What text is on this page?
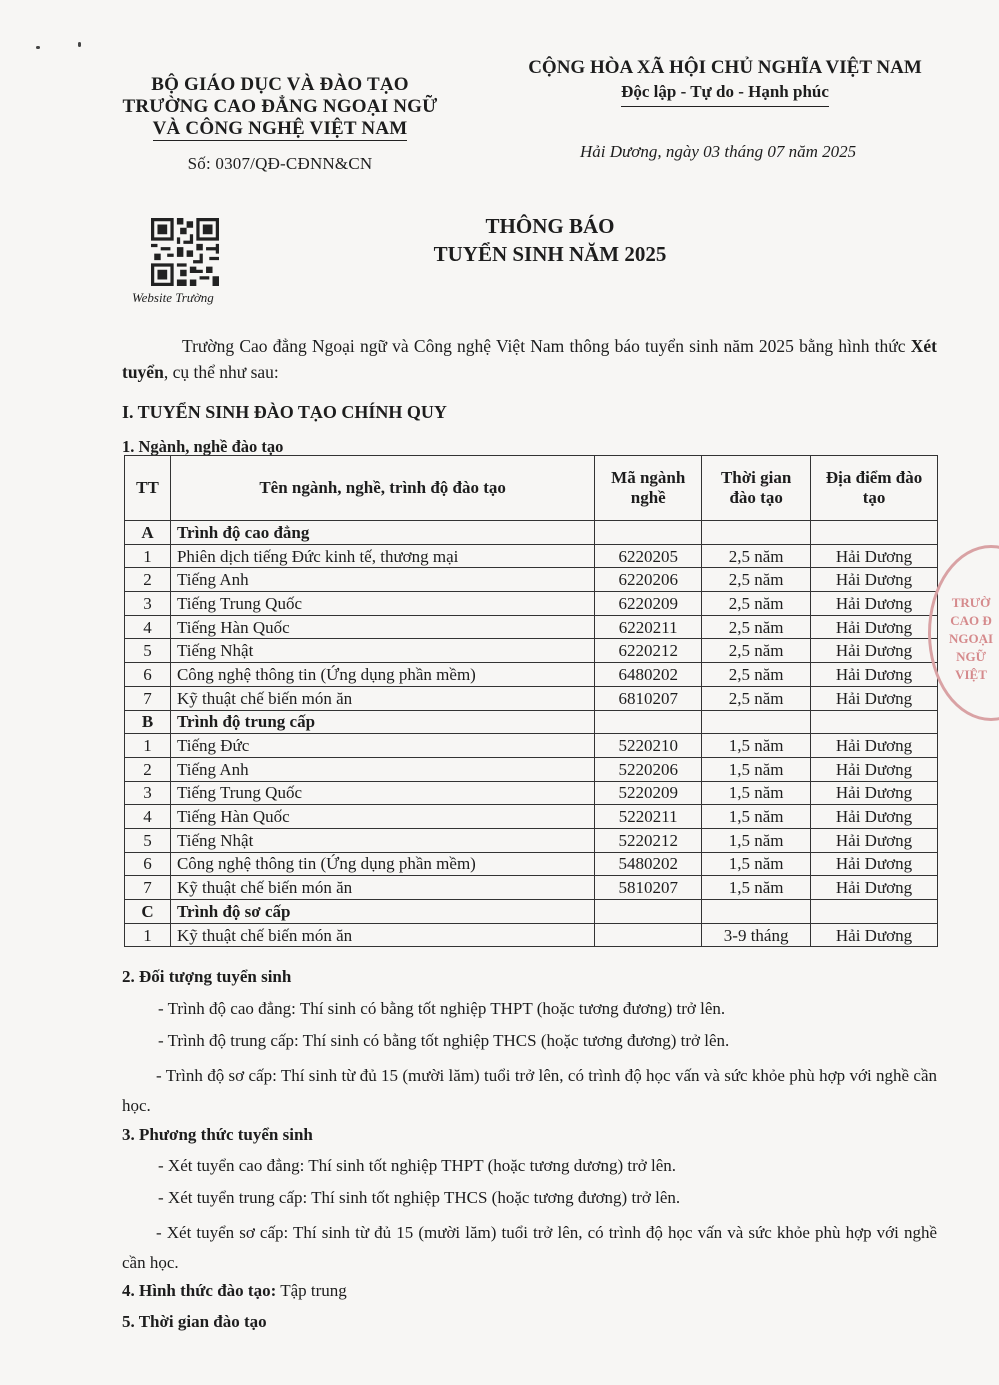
BỘ GIÁO DỤC VÀ ĐÀO TẠO
TRƯỜNG CAO ĐẲNG NGOẠI NGỮ
VÀ CÔNG NGHỆ VIỆT NAM
Số: 0307/QĐ-CĐNN&CN
CỘNG HÒA XÃ HỘI CHỦ NGHĨA VIỆT NAM
Độc lập - Tự do - Hạnh phúc
Hải Dương, ngày 03 tháng 07 năm 2025
Website Trường
THÔNG BÁO
TUYỂN SINH NĂM 2025
Trường Cao đẳng Ngoại ngữ và Công nghệ Việt Nam thông báo tuyển sinh năm 2025 bằng hình thức Xét tuyển, cụ thể như sau:
I. TUYỂN SINH ĐÀO TẠO CHÍNH QUY
1. Ngành, nghề đào tạo
TT	Tên ngành, nghề, trình độ đào tạo	Mã ngành nghề	Thời gian đào tạo	Địa điểm đào tạo
A	Trình độ cao đẳng			
1	Phiên dịch tiếng Đức kinh tế, thương mại	6220205	2,5 năm	Hải Dương
2	Tiếng Anh	6220206	2,5 năm	Hải Dương
3	Tiếng Trung Quốc	6220209	2,5 năm	Hải Dương
4	Tiếng Hàn Quốc	6220211	2,5 năm	Hải Dương
5	Tiếng Nhật	6220212	2,5 năm	Hải Dương
6	Công nghệ thông tin (Ứng dụng phần mềm)	6480202	2,5 năm	Hải Dương
7	Kỹ thuật chế biến món ăn	6810207	2,5 năm	Hải Dương
B	Trình độ trung cấp			
1	Tiếng Đức	5220210	1,5 năm	Hải Dương
2	Tiếng Anh	5220206	1,5 năm	Hải Dương
3	Tiếng Trung Quốc	5220209	1,5 năm	Hải Dương
4	Tiếng Hàn Quốc	5220211	1,5 năm	Hải Dương
5	Tiếng Nhật	5220212	1,5 năm	Hải Dương
6	Công nghệ thông tin (Ứng dụng phần mềm)	5480202	1,5 năm	Hải Dương
7	Kỹ thuật chế biến món ăn	5810207	1,5 năm	Hải Dương
C	Trình độ sơ cấp			
1	Kỹ thuật chế biến món ăn		3-9 tháng	Hải Dương
TRƯỜ CAO Đ NGOẠI NGỮ VIỆT
2. Đối tượng tuyển sinh
- Trình độ cao đẳng: Thí sinh có bằng tốt nghiệp THPT (hoặc tương đương) trở lên.
- Trình độ trung cấp: Thí sinh có bằng tốt nghiệp THCS (hoặc tương đương) trở lên.
- Trình độ sơ cấp: Thí sinh từ đủ 15 (mười lăm) tuổi trở lên, có trình độ học vấn và sức khỏe phù hợp với nghề cần học.
3. Phương thức tuyển sinh
- Xét tuyển cao đẳng: Thí sinh tốt nghiệp THPT (hoặc tương dương) trở lên.
- Xét tuyển trung cấp: Thí sinh tốt nghiệp THCS (hoặc tương đương) trở lên.
- Xét tuyển sơ cấp: Thí sinh từ đủ 15 (mười lăm) tuổi trở lên, có trình độ học vấn và sức khỏe phù hợp với nghề cần học.
4. Hình thức đào tạo: Tập trung
5. Thời gian đào tạo
